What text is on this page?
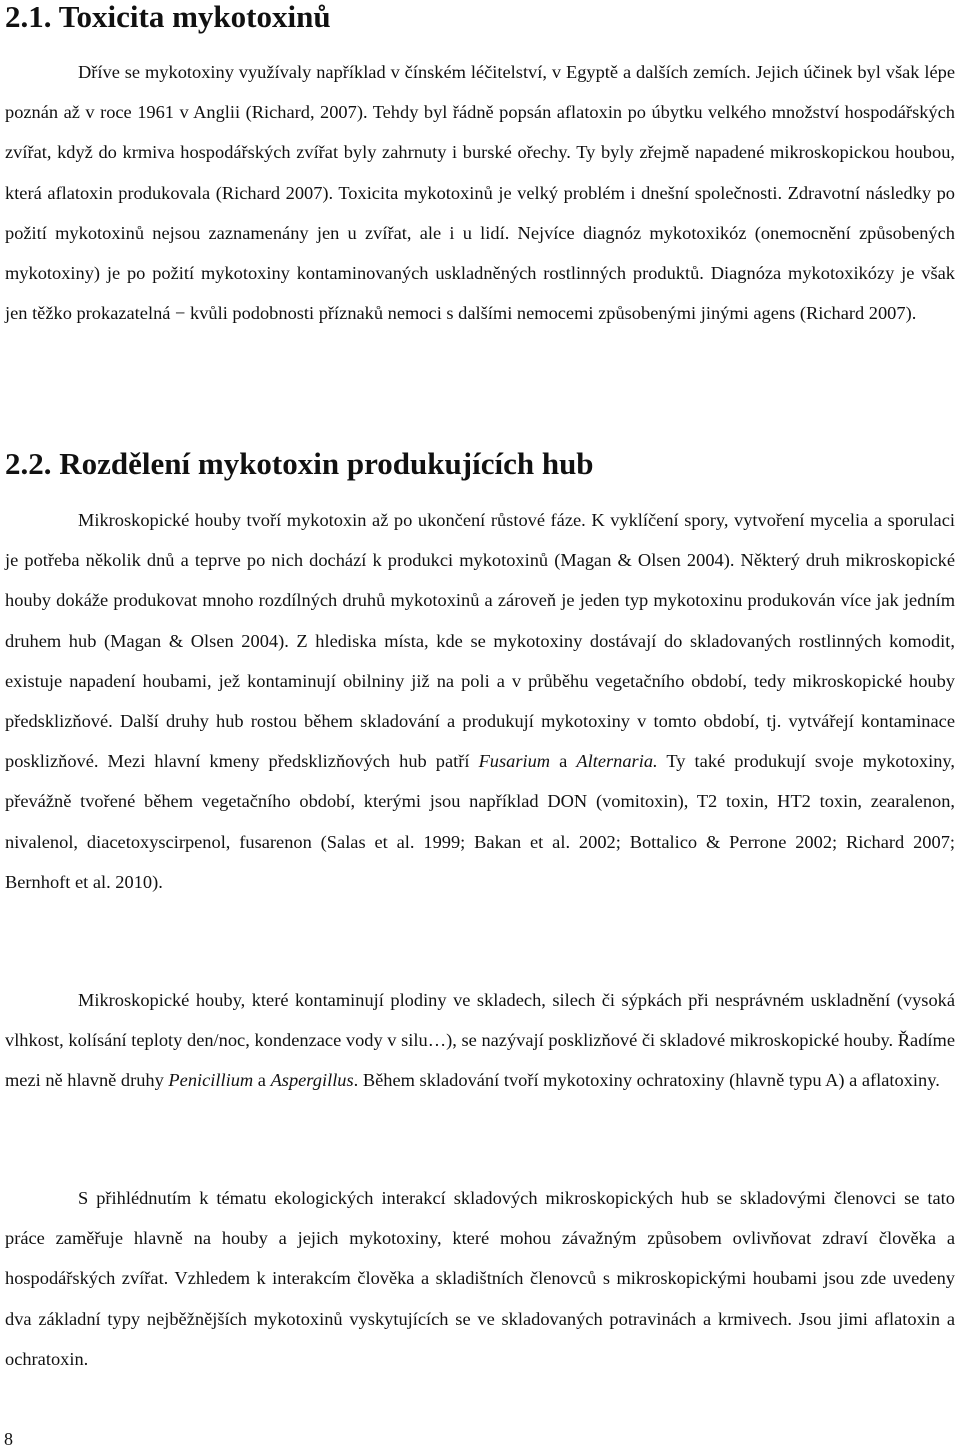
2.1. Toxicita mykotoxinů

Dříve se mykotoxiny využívaly například v čínském léčitelství, v Egyptě a dalších zemích. Jejich účinek byl však lépe poznán až v roce 1961 v Anglii (Richard, 2007). Tehdy byl řádně popsán aflatoxin po úbytku velkého množství hospodářských zvířat, když do krmiva hospodářských zvířat byly zahrnuty i burské ořechy. Ty byly zřejmě napadené mikroskopickou houbou, která aflatoxin produkovala (Richard 2007). Toxicita mykotoxinů je velký problém i dnešní společnosti. Zdravotní následky po požití mykotoxinů nejsou zaznamenány jen u zvířat, ale i u lidí. Nejvíce diagnóz mykotoxikóz (onemocnění způsobených mykotoxiny) je po požití mykotoxiny kontaminovaných uskladněných rostlinných produktů. Diagnóza mykotoxikózy je však jen těžko prokazatelná − kvůli podobnosti příznaků nemoci s dalšími nemocemi způsobenými jinými agens (Richard 2007).

2.2. Rozdělení mykotoxin produkujících hub

Mikroskopické houby tvoří mykotoxin až po ukončení růstové fáze. K vyklíčení spory, vytvoření mycelia a sporulaci je potřeba několik dnů a teprve po nich dochází k produkci mykotoxinů (Magan & Olsen 2004). Některý druh mikroskopické houby dokáže produkovat mnoho rozdílných druhů mykotoxinů a zároveň je jeden typ mykotoxinu produkován více jak jedním druhem hub (Magan & Olsen 2004). Z hlediska místa, kde se mykotoxiny dostávají do skladovaných rostlinných komodit, existuje napadení houbami, jež kontaminují obilniny již na poli a v průběhu vegetačního období, tedy mikroskopické houby předsklizňové. Další druhy hub rostou během skladování a produkují mykotoxiny v tomto období, tj. vytvářejí kontaminace posklizňové. Mezi hlavní kmeny předsklizňových hub patří Fusarium a Alternaria. Ty také produkují svoje mykotoxiny, převážně tvořené během vegetačního období, kterými jsou například DON (vomitoxin), T2 toxin, HT2 toxin, zearalenon, nivalenol, diacetoxyscirpenol, fusarenon (Salas et al. 1999; Bakan et al. 2002; Bottalico & Perrone 2002; Richard 2007; Bernhoft et al. 2010).

Mikroskopické houby, které kontaminují plodiny ve skladech, silech či sýpkách při nesprávném uskladnění (vysoká vlhkost, kolísání teploty den/noc, kondenzace vody v silu…), se nazývají posklizňové či skladové mikroskopické houby. Řadíme mezi ně hlavně druhy Penicillium a Aspergillus. Během skladování tvoří mykotoxiny ochratoxiny (hlavně typu A) a aflatoxiny.

S přihlédnutím k tématu ekologických interakcí skladových mikroskopických hub se skladovými členovci se tato práce zaměřuje hlavně na houby a jejich mykotoxiny, které mohou závažným způsobem ovlivňovat zdraví člověka a hospodářských zvířat. Vzhledem k interakcím člověka a skladištních členovců s mikroskopickými houbami jsou zde uvedeny dva základní typy nejběžnějších mykotoxinů vyskytujících se ve skladovaných potravinách a krmivech. Jsou jimi aflatoxin a ochratoxin.

8
